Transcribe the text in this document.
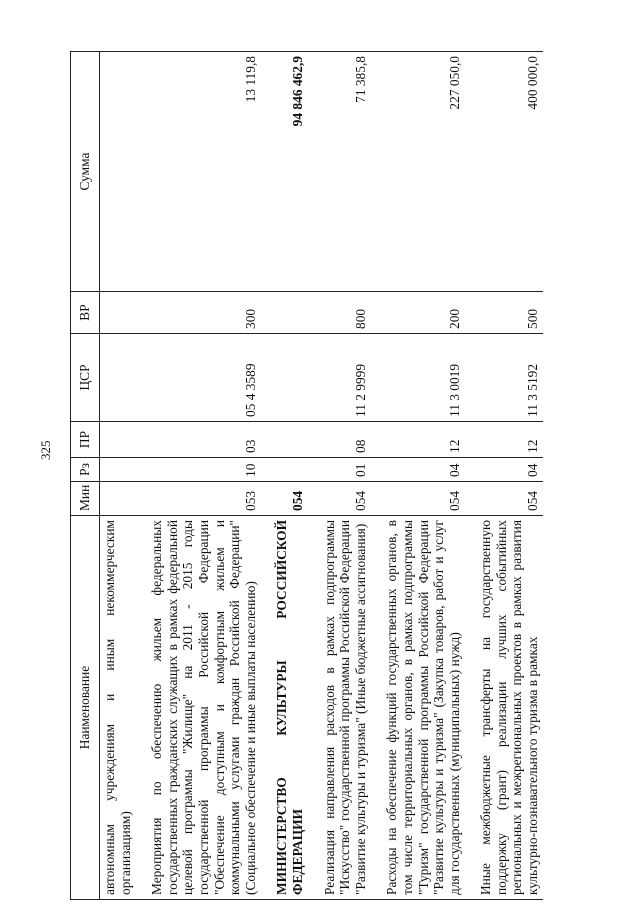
325
Наименование	Мин	Рз	ПР	ЦСР	ВР	Сумма
автономным учреждениям и иным некоммерческим организациям)						

Мероприятия по обеспечению жильем федеральных государственных гражданских служащих в рамках федеральной целевой программы "Жилище" на 2011 - 2015 годы государственной программы Российской Федерации "Обеспечение доступным и комфортным жильем и коммунальными услугами граждан Российской Федерации" (Социальное обеспечение и иные выплаты населению)	053	10	03	05 4 3589	300	13 119,8

МИНИСТЕРСТВО КУЛЬТУРЫ РОССИЙСКОЙ ФЕДЕРАЦИИ	054					94 846 462,9

Реализация направления расходов в рамках подпрограммы "Искусство" государственной программы Российской Федерации "Развитие культуры и туризма" (Иные бюджетные ассигнования)	054	01	08	11 2 9999	800	71 385,8

Расходы на обеспечение функций государственных органов, в том числе территориальных органов, в рамках подпрограммы "Туризм" государственной программы Российской Федерации "Развитие культуры и туризма" (Закупка товаров, работ и услуг для государственных (муниципальных) нужд)	054	04	12	11 3 0019	200	227 050,0

Иные межбюджетные трансферты на государственную поддержку (грант) реализации лучших событийных региональных и межрегиональных проектов в рамках развития культурно-познавательного туризма в рамках	054	04	12	11 3 5192	500	400 000,0
